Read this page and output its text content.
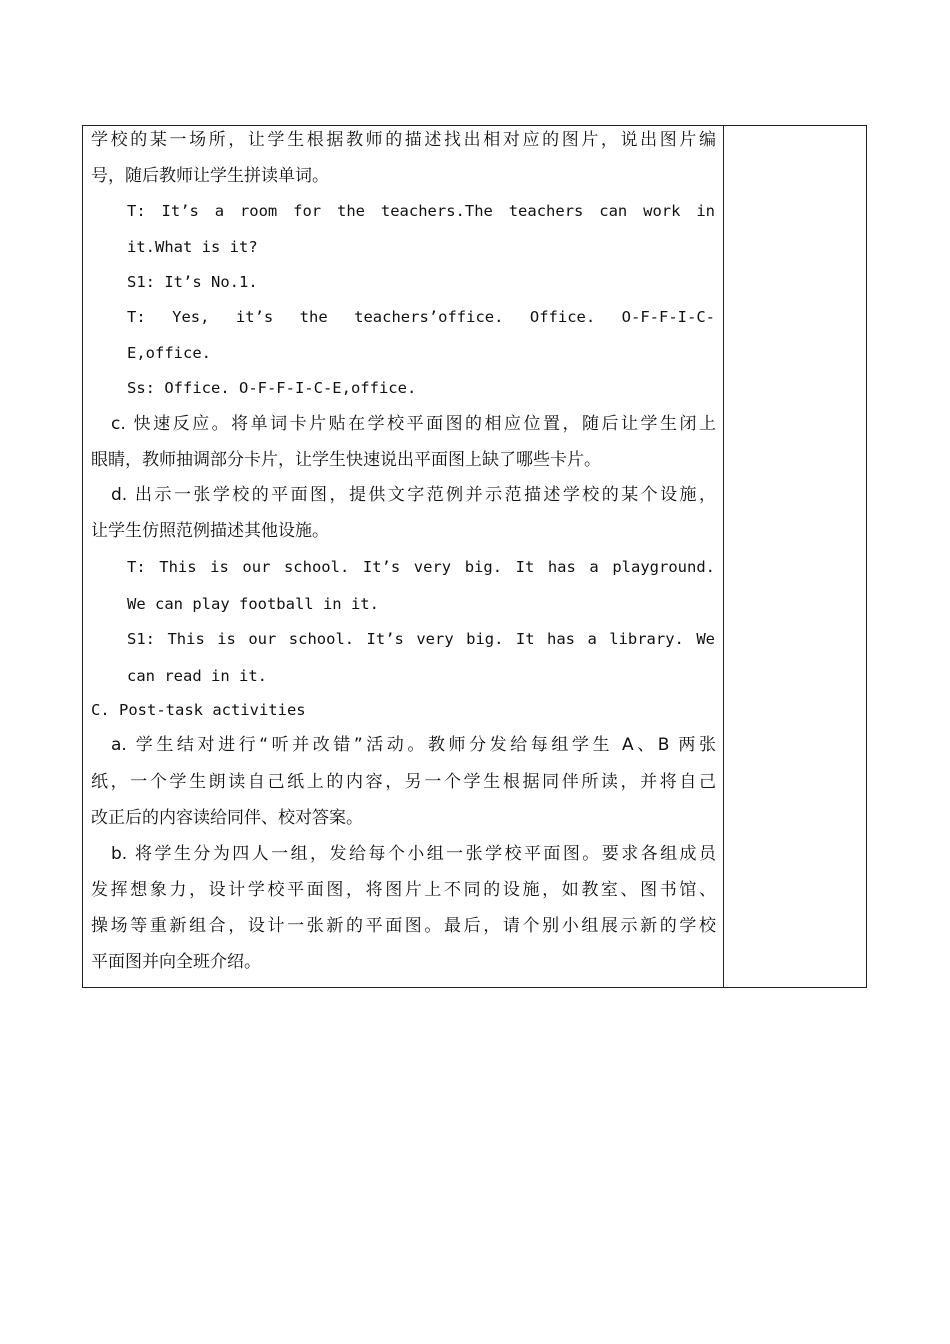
学校的某一场所，让学生根据教师的描述找出相对应的图片，说出图片编
号，随后教师让学生拼读单词。
T: It’s a room for the teachers.The teachers can work in
it.What is it?
S1: It’s No.1.
T: Yes, it’s the teachers’office. Office. O-F-F-I-C-
E,office.
Ss: Office. O-F-F-I-C-E,office.
c. 快速反应。将单词卡片贴在学校平面图的相应位置，随后让学生闭上
眼睛，教师抽调部分卡片，让学生快速说出平面图上缺了哪些卡片。
d. 出示一张学校的平面图，提供文字范例并示范描述学校的某个设施，
让学生仿照范例描述其他设施。
T: This is our school. It’s very big. It has a playground.
We can play football in it.
S1: This is our school. It’s very big. It has a library. We
can read in it.
C. Post-task activities
a. 学生结对进行“听并改错”活动。教师分发给每组学生 A、B 两张
纸，一个学生朗读自己纸上的内容，另一个学生根据同伴所读，并将自己
改正后的内容读给同伴、校对答案。
b. 将学生分为四人一组，发给每个小组一张学校平面图。要求各组成员
发挥想象力，设计学校平面图，将图片上不同的设施，如教室、图书馆、
操场等重新组合，设计一张新的平面图。最后，请个别小组展示新的学校
平面图并向全班介绍。
